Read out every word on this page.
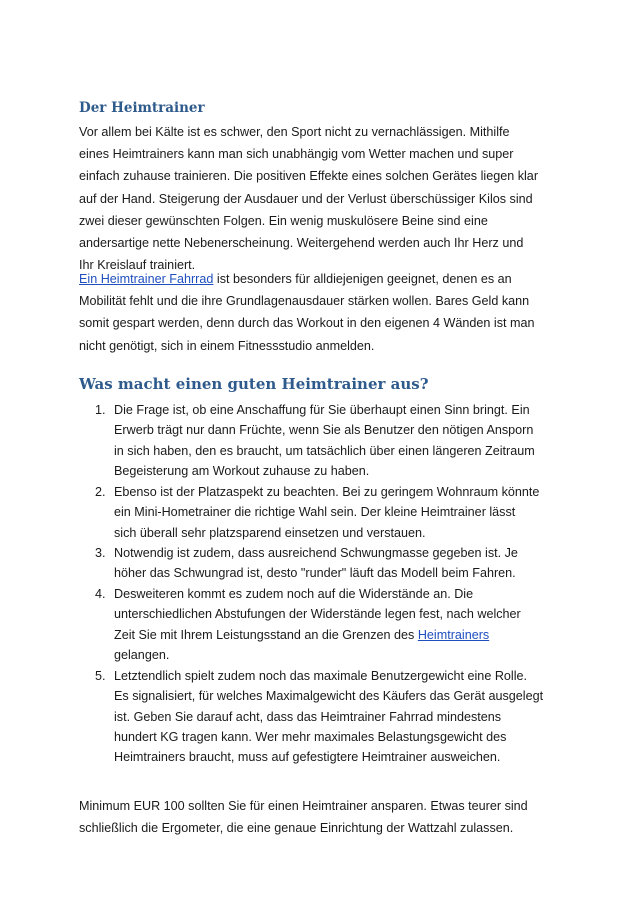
Der Heimtrainer
Vor allem bei Kälte ist es schwer, den Sport nicht zu vernachlässigen. Mithilfe
eines Heimtrainers kann man sich unabhängig vom Wetter machen und super
einfach zuhause trainieren. Die positiven Effekte eines solchen Gerätes liegen klar
auf der Hand. Steigerung der Ausdauer und der Verlust überschüssiger Kilos sind
zwei dieser gewünschten Folgen. Ein wenig muskulösere Beine sind eine
andersartige nette Nebenerscheinung. Weitergehend werden auch Ihr Herz und
Ihr Kreislauf trainiert.
Ein Heimtrainer Fahrrad ist besonders für alldiejenigen geeignet, denen es an
Mobilität fehlt und die ihre Grundlagenausdauer stärken wollen. Bares Geld kann
somit gespart werden, denn durch das Workout in den eigenen 4 Wänden ist man
nicht genötigt, sich in einem Fitnessstudio anmelden.
Was macht einen guten Heimtrainer aus?
1. Die Frage ist, ob eine Anschaffung für Sie überhaupt einen Sinn bringt. Ein
Erwerb trägt nur dann Früchte, wenn Sie als Benutzer den nötigen Ansporn
in sich haben, den es braucht, um tatsächlich über einen längeren Zeitraum
Begeisterung am Workout zuhause zu haben.
2. Ebenso ist der Platzaspekt zu beachten. Bei zu geringem Wohnraum könnte
ein Mini-Hometrainer die richtige Wahl sein. Der kleine Heimtrainer lässt
sich überall sehr platzsparend einsetzen und verstauen.
3. Notwendig ist zudem, dass ausreichend Schwungmasse gegeben ist. Je
höher das Schwungrad ist, desto "runder" läuft das Modell beim Fahren.
4. Desweiteren kommt es zudem noch auf die Widerstände an. Die
unterschiedlichen Abstufungen der Widerstände legen fest, nach welcher
Zeit Sie mit Ihrem Leistungsstand an die Grenzen des Heimtrainers
gelangen.
5. Letztendlich spielt zudem noch das maximale Benutzergewicht eine Rolle.
Es signalisiert, für welches Maximalgewicht des Käufers das Gerät ausgelegt
ist. Geben Sie darauf acht, dass das Heimtrainer Fahrrad mindestens
hundert KG tragen kann. Wer mehr maximales Belastungsgewicht des
Heimtrainers braucht, muss auf gefestigtere Heimtrainer ausweichen.
Minimum EUR 100 sollten Sie für einen Heimtrainer ansparen. Etwas teurer sind
schließlich die Ergometer, die eine genaue Einrichtung der Wattzahl zulassen.
